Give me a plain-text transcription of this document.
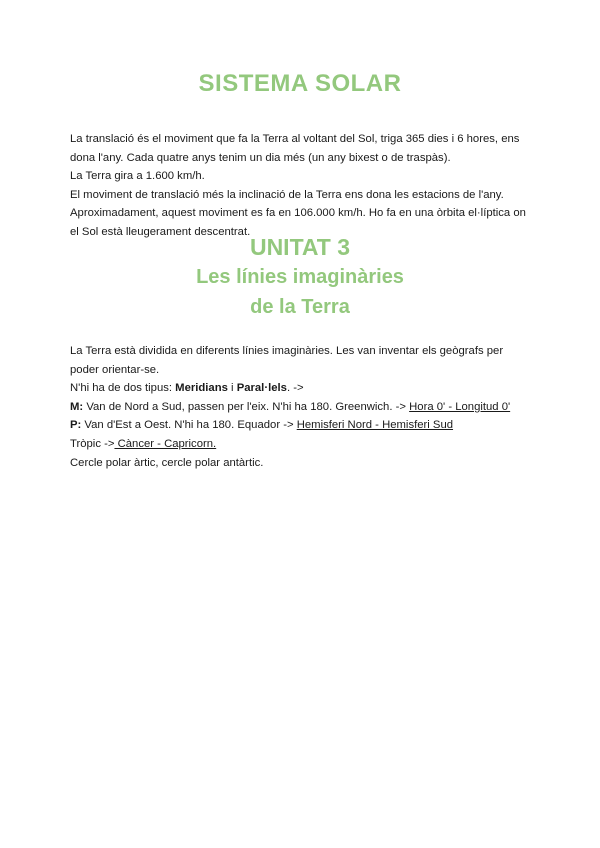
SISTEMA SOLAR
La translació és el moviment que fa la Terra al voltant del Sol, triga 365 dies i 6 hores, ens
dona l'any. Cada quatre anys tenim un dia més (un any bixest o de traspàs).
La Terra gira a 1.600 km/h.
El moviment de translació més la inclinació de la Terra ens dona les estacions de l'any.
Aproximadament, aquest moviment es fa en 106.000 km/h. Ho fa en una òrbita el·líptica on
el Sol està lleugerament descentrat.
UNITAT 3
Les línies imaginàries
de la Terra
La Terra està dividida en diferents línies imaginàries. Les van inventar els geògrafs per
poder orientar-se.
N'hi ha de dos tipus: Meridians i Paral·lels. ->
M: Van de Nord a Sud, passen per l'eix. N'hi ha 180. Greenwich. -> Hora 0' - Longitud 0'
P: Van d'Est a Oest. N'hi ha 180. Equador -> Hemisferi Nord - Hemisferi Sud
Tròpic -> Càncer - Capricorn.
Cercle polar àrtic, cercle polar antàrtic.
